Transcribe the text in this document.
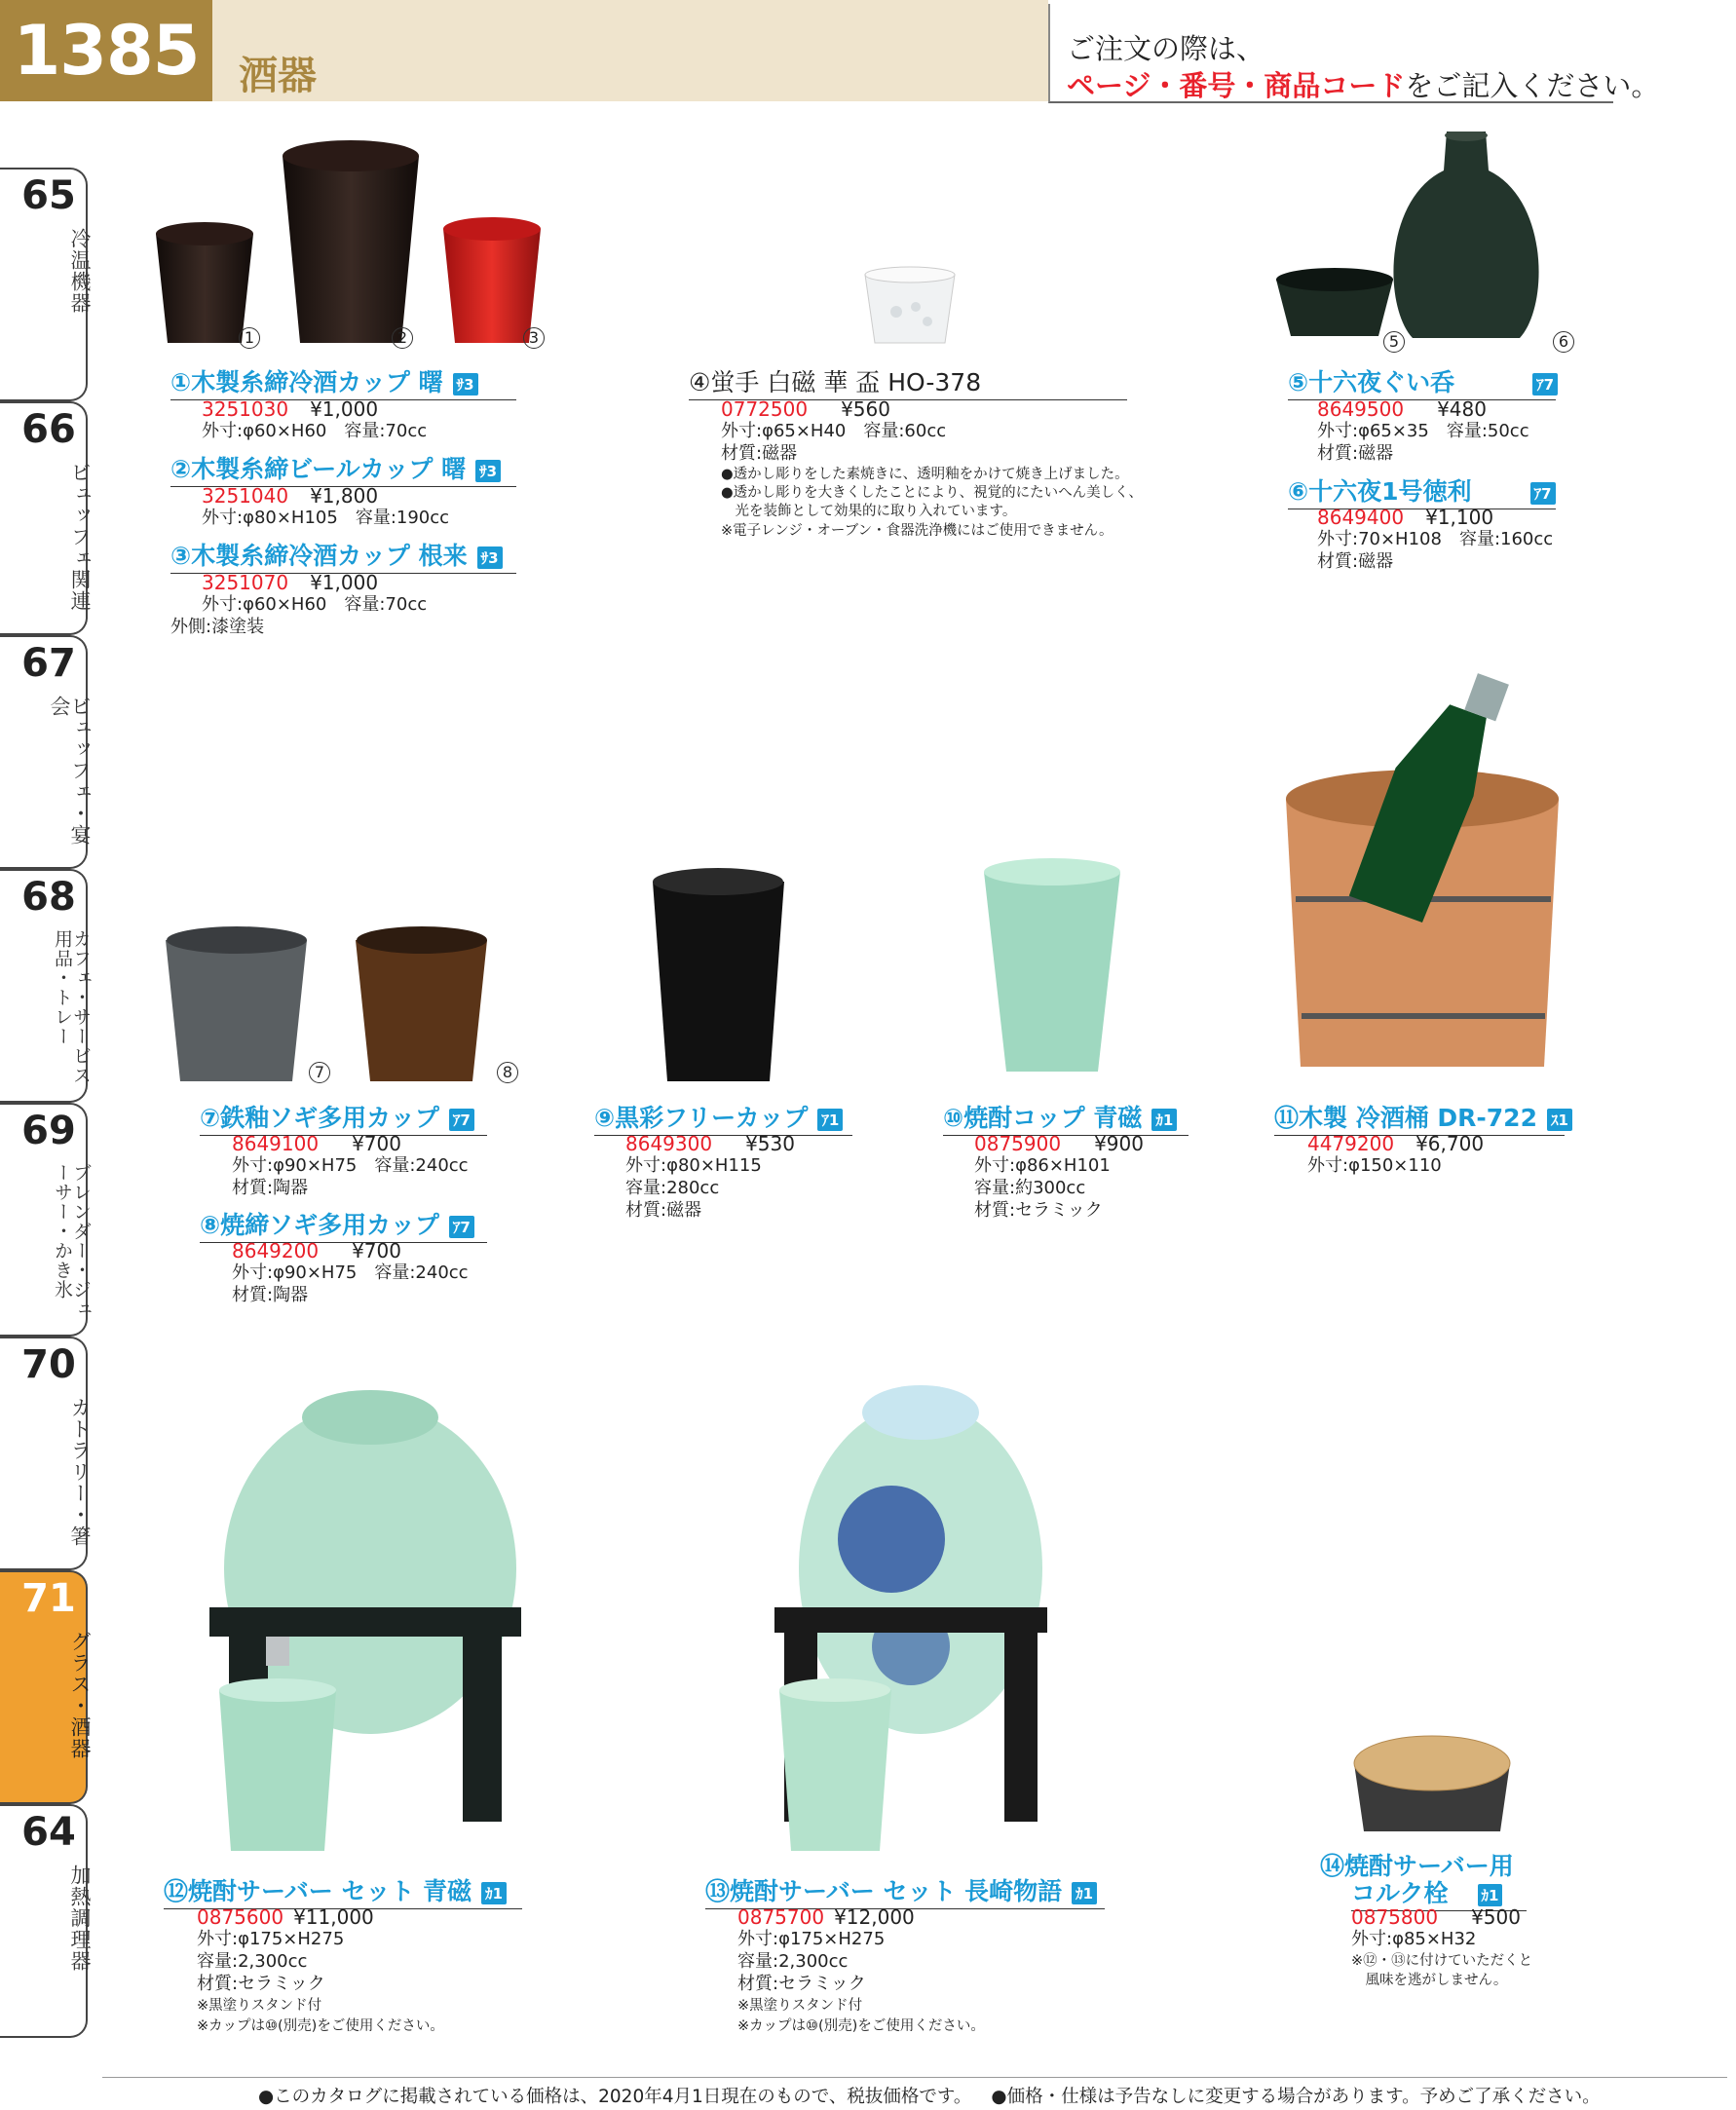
1385	酒器
ご注文の際は、
ページ・番号・商品コードをご記入ください。
65
冷温機器
66
ビュッフェ関連
67
ビュッフェ・宴会
68
カフェ・サービス用品・トレー
69
ブレンダー・ジューサー・かき氷
70
カトラリー・箸
71
グラス・酒器
64
加熱調理器
1	2	3	5	6
7	8
①木製糸締冷酒カップ 曙 ｻ3
3251030 ¥1,000
外寸:φ60×H60　容量:70cc
②木製糸締ビールカップ 曙 ｻ3
3251040 ¥1,800
外寸:φ80×H105　容量:190cc
③木製糸締冷酒カップ 根来 ｻ3
3251070 ¥1,000
外寸:φ60×H60　容量:70cc
外側:漆塗装
④蛍手 白磁 華 盃 HO-378
0772500 ¥560
外寸:φ65×H40　容量:60cc
材質:磁器
●透かし彫りをした素焼きに、透明釉をかけて焼き上げました。
●透かし彫りを大きくしたことにより、視覚的にたいへん美しく、
　光を装飾として効果的に取り入れています。
※電子レンジ・オーブン・食器洗浄機にはご使用できません。
⑤十六夜ぐい呑	ｱ7
8649500 ¥480
外寸:φ65×35　容量:50cc
材質:磁器
⑥十六夜1号徳利	ｱ7
8649400 ¥1,100
外寸:70×H108　容量:160cc
材質:磁器
⑦鉄釉ソギ多用カップ ｱ7
8649100 ¥700
外寸:φ90×H75　容量:240cc
材質:陶器
⑧焼締ソギ多用カップ ｱ7
8649200 ¥700
外寸:φ90×H75　容量:240cc
材質:陶器
⑨黒彩フリーカップ ｱ1
8649300 ¥530
外寸:φ80×H115
容量:280cc
材質:磁器
⑩焼酎コップ 青磁 ｶ1
0875900 ¥900
外寸:φ86×H101
容量:約300cc
材質:セラミック
⑪木製 冷酒桶 DR-722 ｽ1
4479200 ¥6,700
外寸:φ150×110
⑫焼酎サーバー セット 青磁 ｶ1
0875600 ¥11,000
外寸:φ175×H275
容量:2,300cc
材質:セラミック
※黒塗りスタンド付
※カップは⑩(別売)をご使用ください。
⑬焼酎サーバー セット 長崎物語 ｶ1
0875700 ¥12,000
外寸:φ175×H275
容量:2,300cc
材質:セラミック
※黒塗りスタンド付
※カップは⑩(別売)をご使用ください。
⑭焼酎サーバー用
コルク栓 ｶ1
0875800 ¥500
外寸:φ85×H32
※⑫・⑬に付けていただくと
　風味を逃がしません。
●このカタログに掲載されている価格は、2020年4月1日現在のもので、税抜価格です。 ●価格・仕様は予告なしに変更する場合があります。予めご了承ください。
